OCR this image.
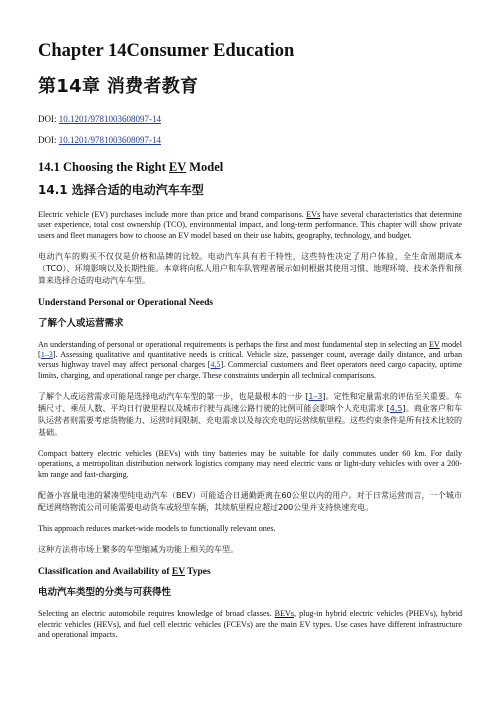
Chapter 14Consumer Education
第14章 消费者教育
DOI: 10.1201/9781003608097-14
DOI: 10.1201/9781003608097-14
14.1 Choosing the Right EV Model
14.1 选择合适的电动汽车车型

Electric vehicle (EV) purchases include more than price and brand comparisons. EVs have several characteristics that determine user experience, total cost ownership (TCO), environmental impact, and long-term performance. This chapter will show private users and fleet managers how to choose an EV model based on their use habits, geography, technology, and budget.

电动汽车的购买不仅仅是价格和品牌的比较。电动汽车具有若干特性，这些特性决定了用户体验、全生命周期成本（TCO）、环境影响以及长期性能。本章将向私人用户和车队管理者展示如何根据其使用习惯、地理环境、技术条件和预算来选择合适的电动汽车车型。

Understand Personal or Operational Needs
了解个人或运营需求

An understanding of personal or operational requirements is perhaps the first and most fundamental step in selecting an EV model [1–3]. Assessing qualitative and quantitative needs is critical. Vehicle size, passenger count, average daily distance, and urban versus highway travel may affect personal charges [4,5]. Commercial customers and fleet operators need cargo capacity, uptime limits, charging, and operational range per charge. These constraints underpin all technical comparisons.

了解个人或运营需求可能是选择电动汽车车型的第一步，也是最根本的一步 [1–3]。定性和定量需求的评估至关重要。车辆尺寸、乘员人数、平均日行驶里程以及城市行驶与高速公路行驶的比例可能会影响个人充电需求 [4,5]。商业客户和车队运营者则需要考虑货物能力、运营时间限制、充电需求以及每次充电的运营续航里程。这些约束条件是所有技术比较的基础。

Compact battery electric vehicles (BEVs) with tiny batteries may be suitable for daily commutes under 60 km. For daily operations, a metropolitan distribution network logistics company may need electric vans or light-duty vehicles with over a 200-km range and fast-charging.

配备小容量电池的紧凑型纯电动汽车（BEV）可能适合日通勤距离在60公里以内的用户。对于日常运营而言，一个城市配送网络物流公司可能需要电动货车或轻型车辆，其续航里程应超过200公里并支持快速充电。

This approach reduces market-wide models to functionally relevant ones.

这种方法将市场上繁多的车型缩减为功能上相关的车型。

Classification and Availability of EV Types
电动汽车类型的分类与可获得性

Selecting an electric automobile requires knowledge of broad classes. BEVs, plug-in hybrid electric vehicles (PHEVs), hybrid electric vehicles (HEVs), and fuel cell electric vehicles (FCEVs) are the main EV types. Use cases have different infrastructure and operational impacts.
